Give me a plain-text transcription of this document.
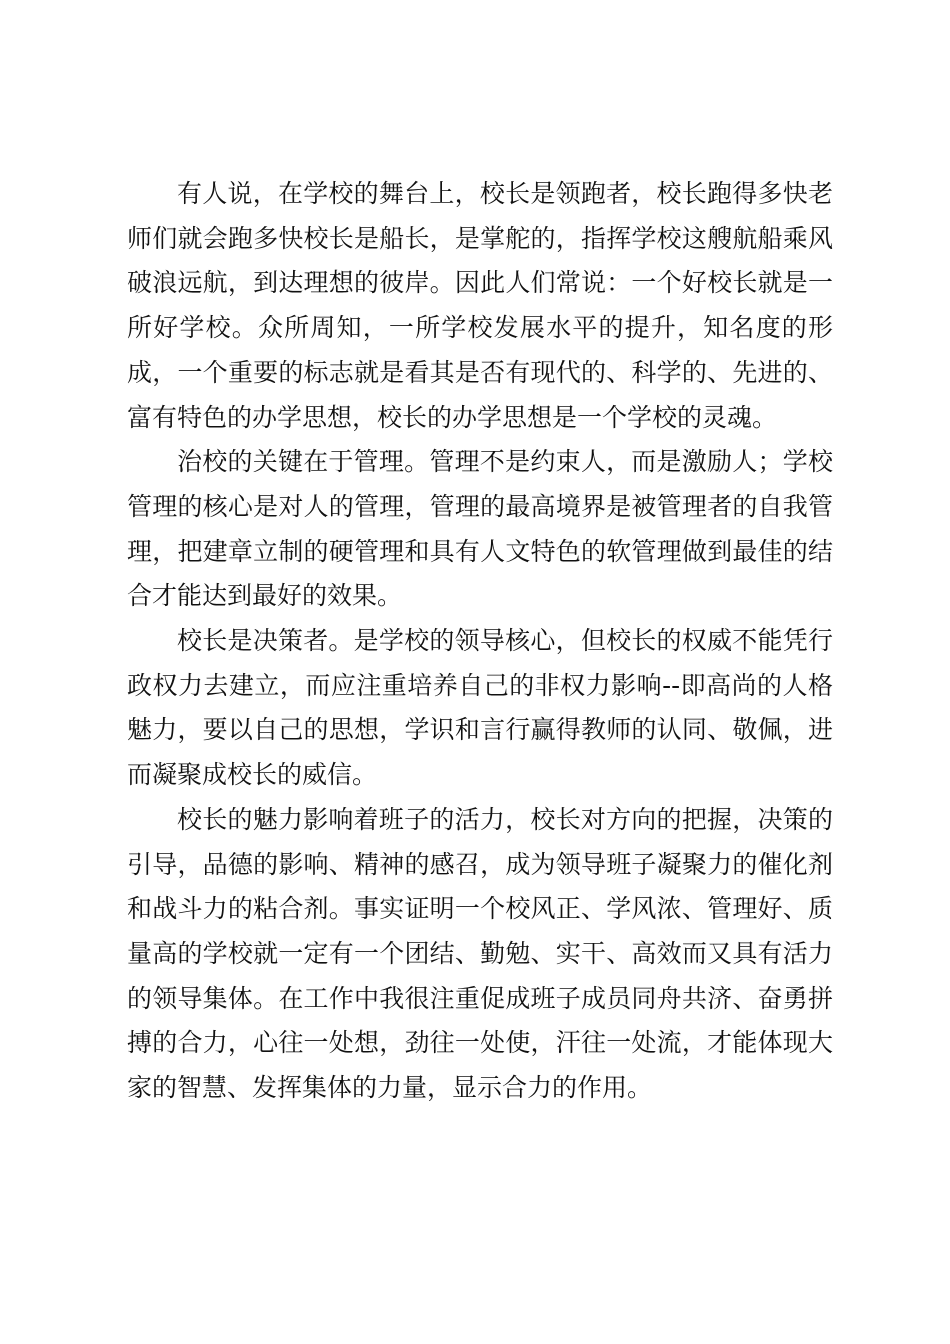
有人说，在学校的舞台上，校长是领跑者，校长跑得多快老师们就会跑多快校长是船长，是掌舵的，指挥学校这艘航船乘风破浪远航，到达理想的彼岸。因此人们常说：一个好校长就是一所好学校。众所周知，一所学校发展水平的提升，知名度的形成，一个重要的标志就是看其是否有现代的、科学的、先进的、富有特色的办学思想，校长的办学思想是一个学校的灵魂。

治校的关键在于管理。管理不是约束人，而是激励人；学校管理的核心是对人的管理，管理的最高境界是被管理者的自我管理，把建章立制的硬管理和具有人文特色的软管理做到最佳的结合才能达到最好的效果。

校长是决策者。是学校的领导核心，但校长的权威不能凭行政权力去建立，而应注重培养自己的非权力影响--即高尚的人格魅力，要以自己的思想，学识和言行赢得教师的认同、敬佩，进而凝聚成校长的威信。

校长的魅力影响着班子的活力，校长对方向的把握，决策的引导，品德的影响、精神的感召，成为领导班子凝聚力的催化剂和战斗力的粘合剂。事实证明一个校风正、学风浓、管理好、质量高的学校就一定有一个团结、勤勉、实干、高效而又具有活力的领导集体。在工作中我很注重促成班子成员同舟共济、奋勇拼搏的合力，心往一处想，劲往一处使，汗往一处流，才能体现大家的智慧、发挥集体的力量，显示合力的作用。
